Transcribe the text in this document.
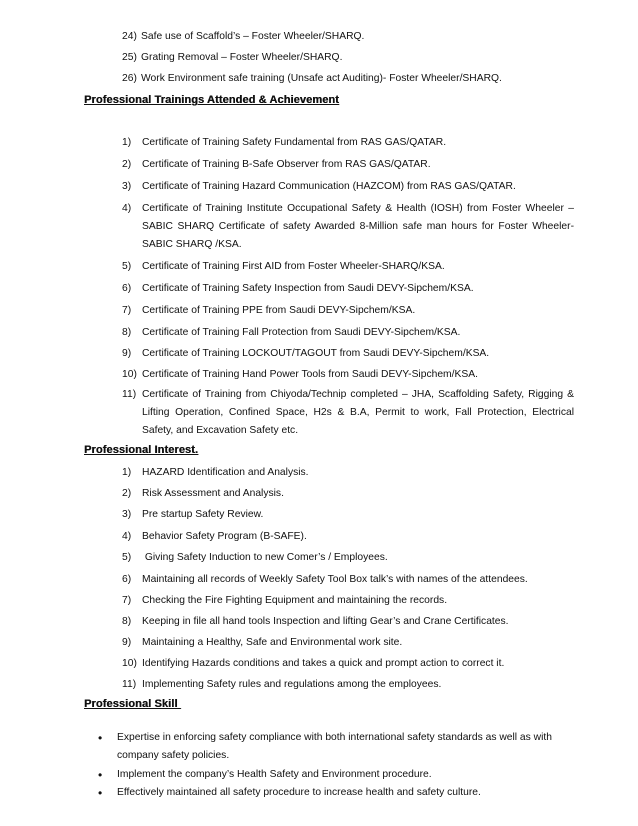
24) Safe use of Scaffold’s – Foster Wheeler/SHARQ.
25) Grating Removal – Foster Wheeler/SHARQ.
26) Work Environment safe training (Unsafe act Auditing)- Foster Wheeler/SHARQ.
Professional Trainings Attended & Achievement
1) Certificate of Training Safety Fundamental from RAS GAS/QATAR.
2) Certificate of Training B-Safe Observer from RAS GAS/QATAR.
3) Certificate of Training Hazard Communication (HAZCOM) from RAS GAS/QATAR.
4) Certificate of Training Institute Occupational Safety & Health (IOSH) from Foster Wheeler –
SABIC SHARQ Certificate of safety Awarded 8-Million safe man hours for Foster Wheeler-
SABIC SHARQ /KSA.
5) Certificate of Training First AID from Foster Wheeler-SHARQ/KSA.
6) Certificate of Training Safety Inspection from Saudi DEVY-Sipchem/KSA.
7) Certificate of Training PPE from Saudi DEVY-Sipchem/KSA.
8) Certificate of Training Fall Protection from Saudi DEVY-Sipchem/KSA.
9) Certificate of Training LOCKOUT/TAGOUT from Saudi DEVY-Sipchem/KSA.
10) Certificate of Training Hand Power Tools from Saudi DEVY-Sipchem/KSA.
11) Certificate of Training from Chiyoda/Technip completed – JHA, Scaffolding Safety, Rigging &
Lifting Operation, Confined Space, H2s & B.A, Permit to work, Fall Protection, Electrical
Safety, and Excavation Safety etc.
Professional Interest.
1) HAZARD Identification and Analysis.
2) Risk Assessment and Analysis.
3) Pre startup Safety Review.
4) Behavior Safety Program (B-SAFE).
5) Giving Safety Induction to new Comer’s / Employees.
6) Maintaining all records of Weekly Safety Tool Box talk’s with names of the attendees.
7) Checking the Fire Fighting Equipment and maintaining the records.
8) Keeping in file all hand tools Inspection and lifting Gear’s and Crane Certificates.
9) Maintaining a Healthy, Safe and Environmental work site.
10) Identifying Hazards conditions and takes a quick and prompt action to correct it.
11) Implementing Safety rules and regulations among the employees.
Professional Skill
• Expertise in enforcing safety compliance with both international safety standards as well as with
company safety policies.
• Implement the company’s Health Safety and Environment procedure.
• Effectively maintained all safety procedure to increase health and safety culture.
